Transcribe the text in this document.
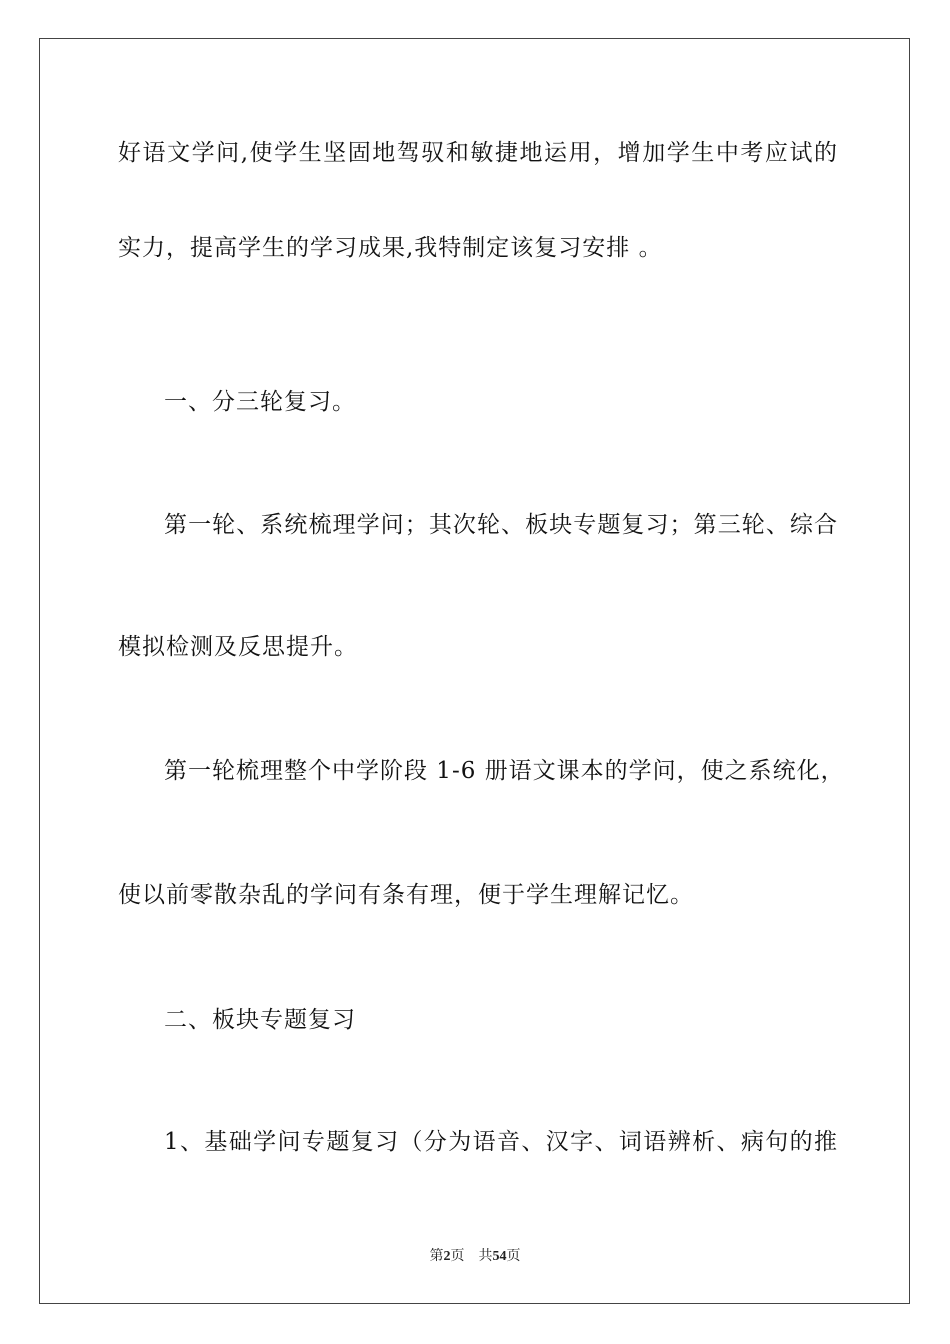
好语文学问,使学生坚固地驾驭和敏捷地运用，增加学生中考应试的
实力，提高学生的学习成果,我特制定该复习安排 。
一、分三轮复习。
第一轮、系统梳理学问；其次轮、板块专题复习；第三轮、综合
模拟检测及反思提升。
第一轮梳理整个中学阶段 1-6 册语文课本的学问，使之系统化，
使以前零散杂乱的学问有条有理，便于学生理解记忆。
二、板块专题复习
1、基础学问专题复习（分为语音、汉字、词语辨析、病句的推
第2页 共54页
